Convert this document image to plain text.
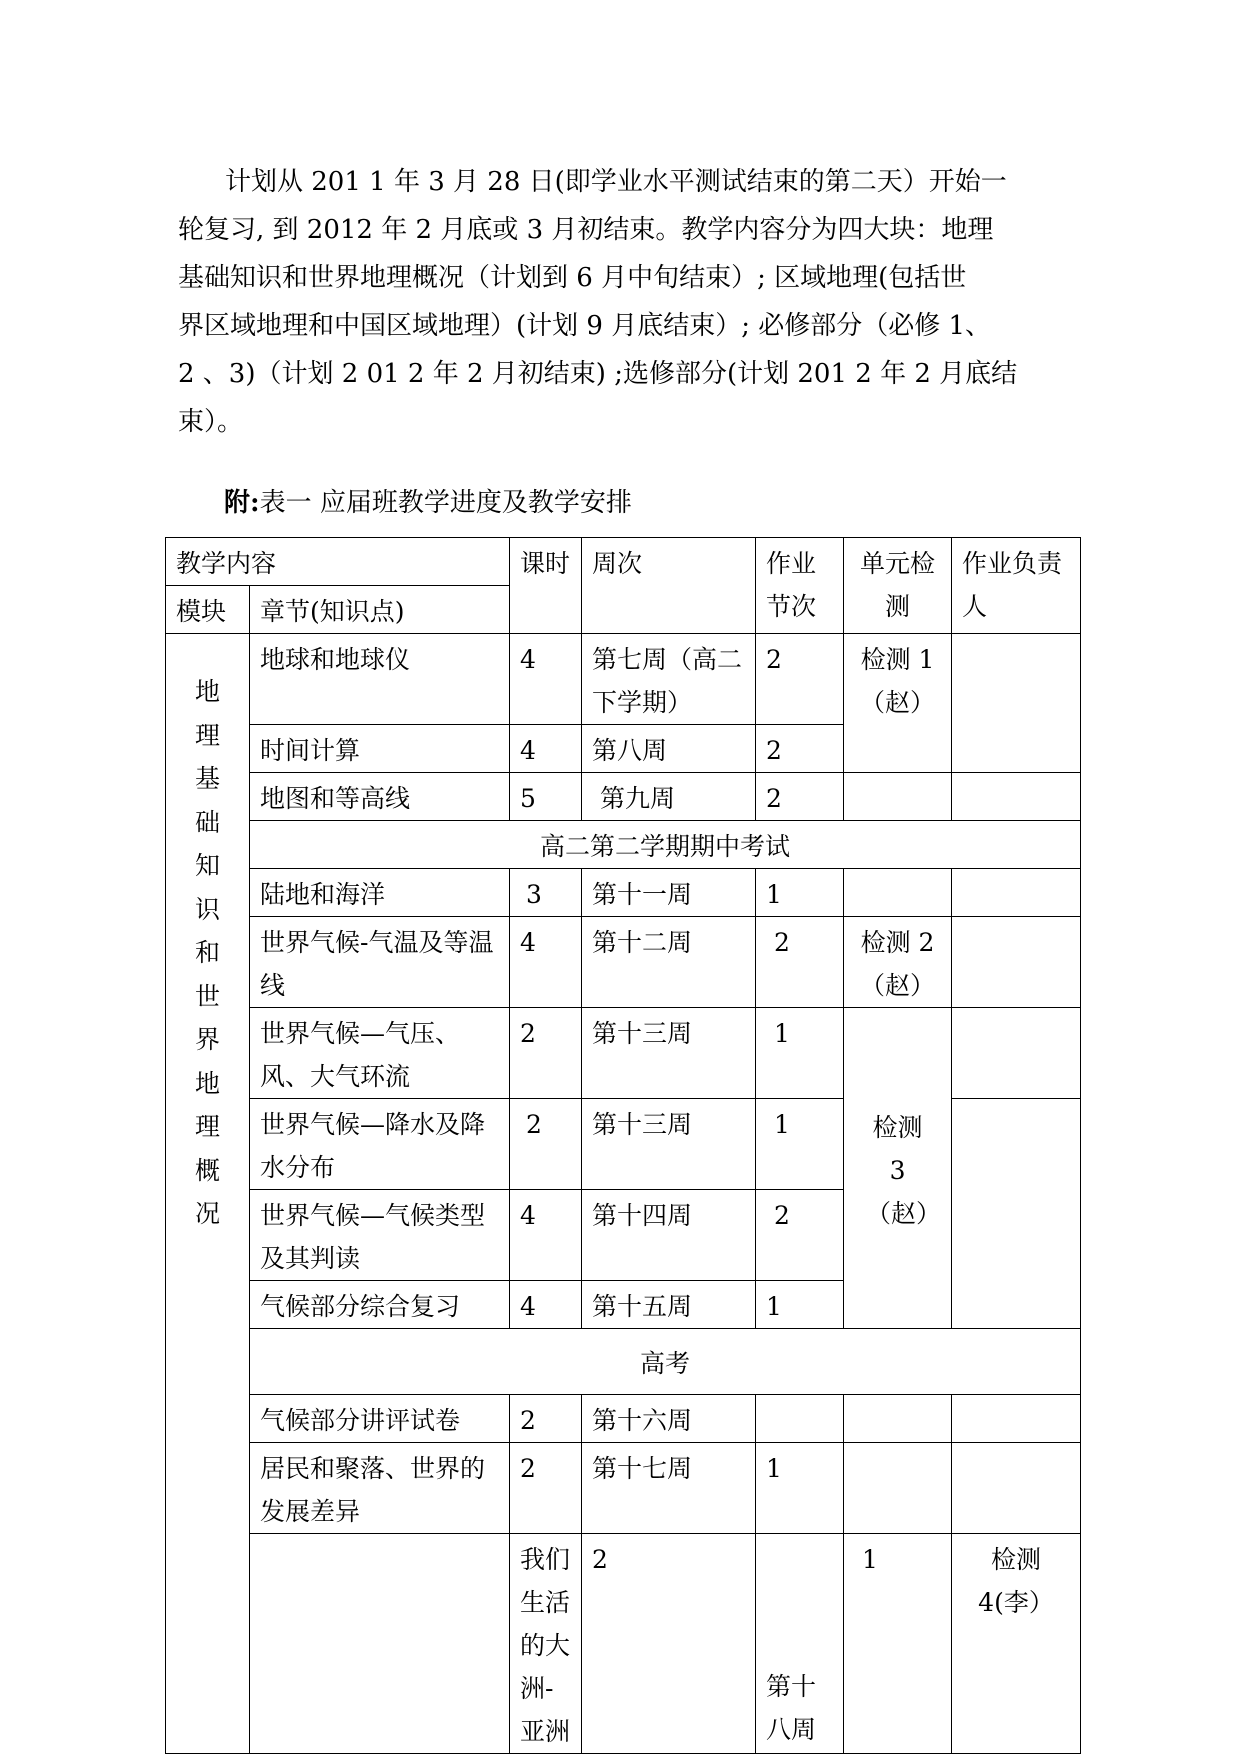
计划从 201 1 年 3 月 28 日(即学业水平测试结束的第二天）开始一
轮复习, 到 2012 年 2 月底或 3 月初结束。教学内容分为四大块：地理
基础知识和世界地理概况（计划到 6 月中旬结束）; 区域地理(包括世
界区域地理和中国区域地理）(计划 9 月底结束）; 必修部分（必修 1、
2 、3)（计划 2 01 2 年 2 月初结束) ;选修部分(计划 201 2 年 2 月底结
束）。
附:表一 应届班教学进度及教学安排
教学内容		课时	周次	作业节次	单元检测	作业负责人	
模块	章节(知识点)						
地理基础知识和世界地理概况	地球和地球仪	4	第七周（高二下学期）	2	检测 1（赵）		
	时间计算	4	第八周	2			
	地图和等高线	5	第九周	2			
	高二第二学期期中考试						
	陆地和海洋	3	第十一周	1			
	世界气候-气温及等温线	4	第十二周	2	检测 2（赵）		
	世界气候—气压、风、大气环流	2	第十三周	1	检测 3（赵）		
	世界气候—降水及降水分布	2	第十三周	1			
	世界气候—气候类型及其判读	4	第十四周	2			
	气候部分综合复习	4	第十五周	1			
	高考						
	气候部分讲评试卷	2	第十六周				
	居民和聚落、世界的发展差异	2	第十七周	1			
		我们生活的大洲-亚洲	2	第十八周	1	检测 4(李）	
